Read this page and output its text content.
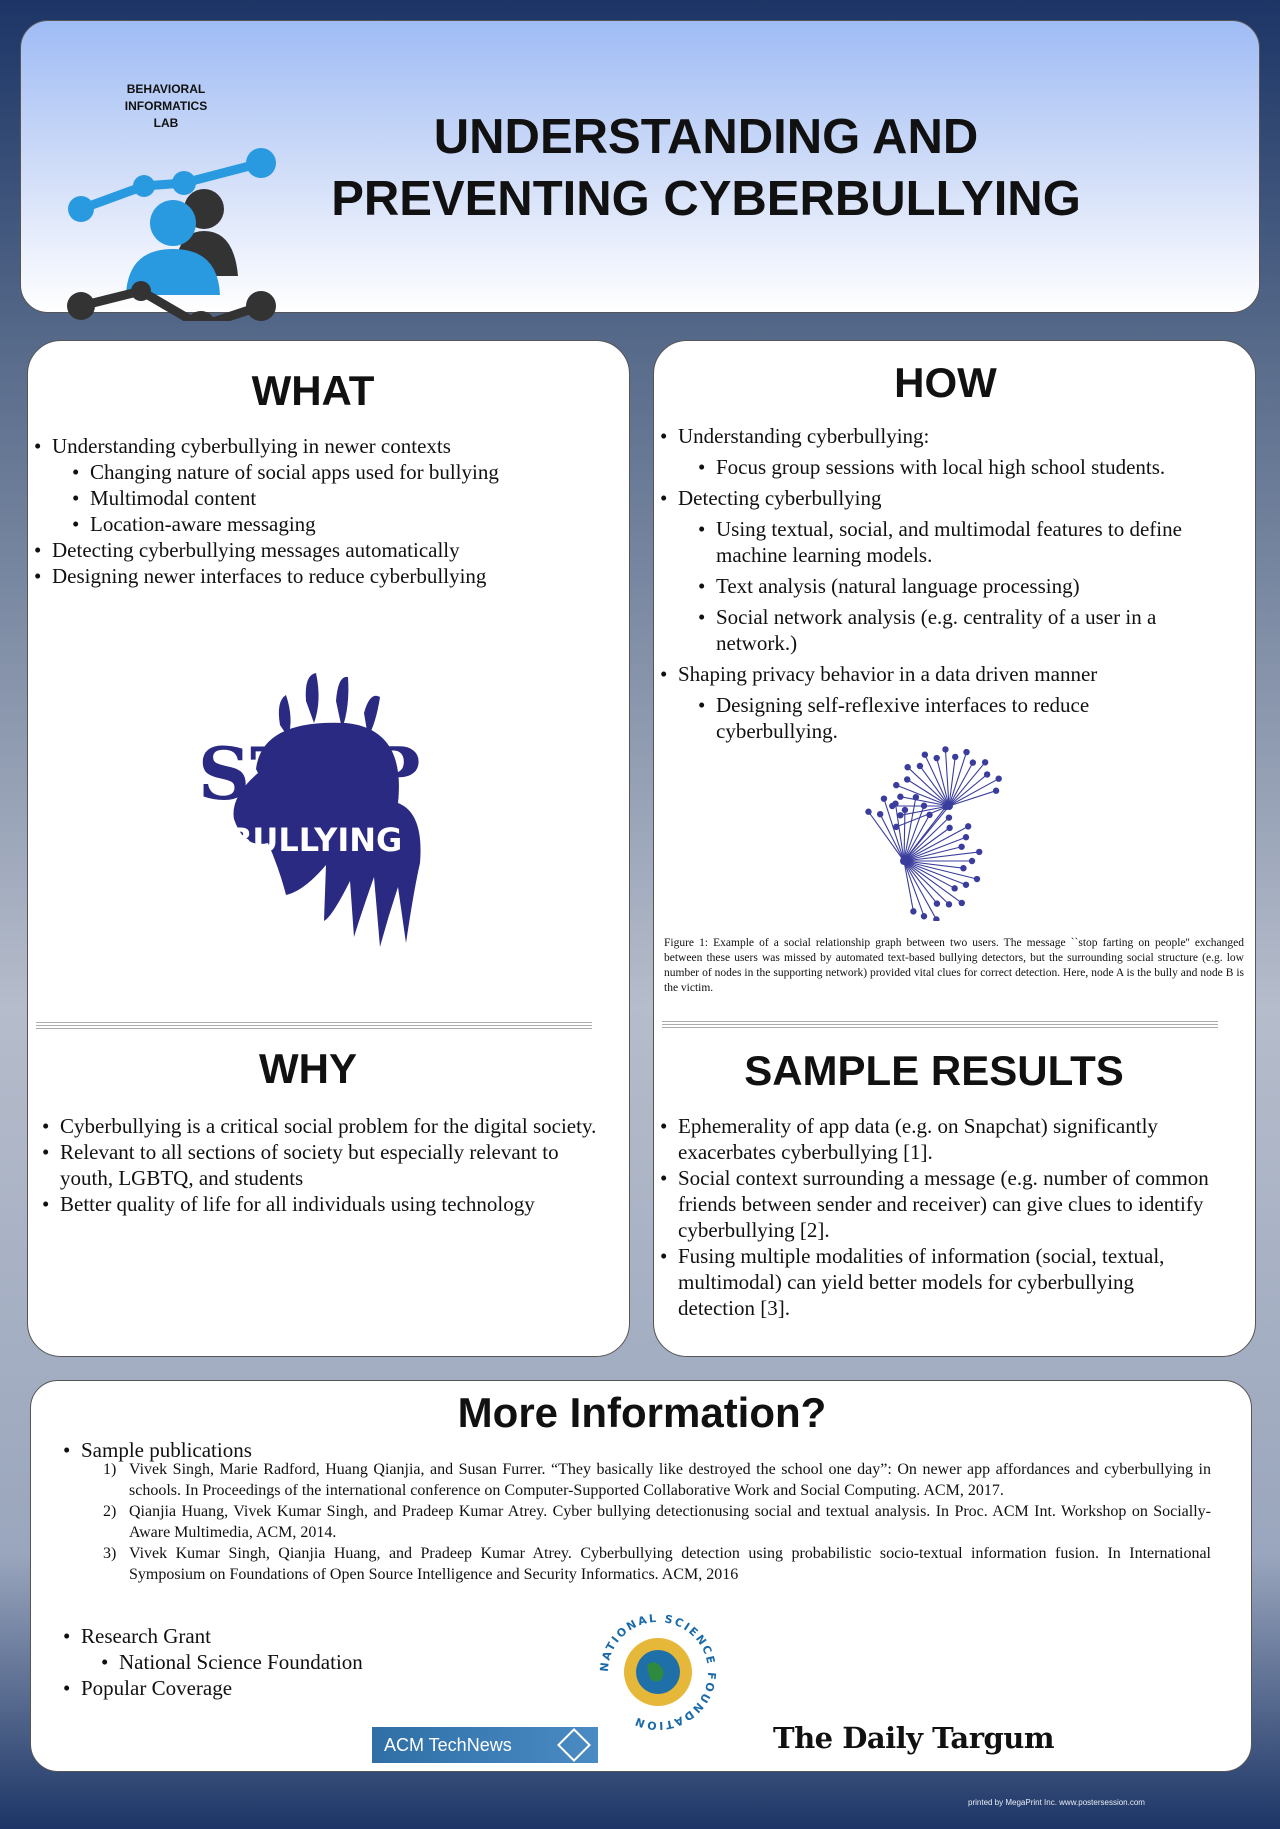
BEHAVIORAL
INFORMATICS
LAB	UNDERSTANDING AND
PREVENTING CYBERBULLYING
WHAT
• Understanding cyberbullying in newer contexts
• Changing nature of social apps used for bullying
• Multimodal content
• Location-aware messaging
• Detecting cyberbullying messages automatically
• Designing newer interfaces to reduce cyberbullying
STOP
BULLYING
WHY
• Cyberbullying is a critical social problem for the digital society.
• Relevant to all sections of society but especially relevant to youth, LGBTQ, and students
• Better quality of life for all individuals using technology
HOW
• Understanding cyberbullying:
• Focus group sessions with local high school students.
• Detecting cyberbullying
• Using textual, social, and multimodal features to define machine learning models.
• Text analysis (natural language processing)
• Social network analysis (e.g. centrality of a user in a network.)
• Shaping privacy behavior in a data driven manner
• Designing self-reflexive interfaces to reduce cyberbullying.
Figure 1: Example of a social relationship graph between two users. The message ``stop farting on people'' exchanged between these users was missed by automated text-based bullying detectors, but the surrounding social structure (e.g. low number of nodes in the supporting network) provided vital clues for correct detection. Here, node A is the bully and node B is the victim.
SAMPLE RESULTS
• Ephemerality of app data (e.g. on Snapchat) significantly exacerbates cyberbullying [1].
• Social context surrounding a message (e.g. number of common friends between sender and receiver) can give clues to identify cyberbullying [2].
• Fusing multiple modalities of information (social, textual, multimodal) can yield better models for cyberbullying detection [3].
More Information?
• Sample publications
1) Vivek Singh, Marie Radford, Huang Qianjia, and Susan Furrer. “They basically like destroyed the school one day”: On newer app affordances and cyberbullying in schools. In Proceedings of the international conference on Computer-Supported Collaborative Work and Social Computing. ACM, 2017.
2) Qianjia Huang, Vivek Kumar Singh, and Pradeep Kumar Atrey. Cyber bullying detectionusing social and textual analysis. In Proc. ACM Int. Workshop on Socially-Aware Multimedia, ACM, 2014.
3) Vivek Kumar Singh, Qianjia Huang, and Pradeep Kumar Atrey. Cyberbullying detection using probabilistic socio-textual information fusion. In International Symposium on Foundations of Open Source Intelligence and Security Informatics. ACM, 2016
• Research Grant
• National Science Foundation
• Popular Coverage
NATIONAL SCIENCE FOUNDATION
ACM TechNews	The Daily Targum
printed by MegaPrint Inc. www.postersession.com
